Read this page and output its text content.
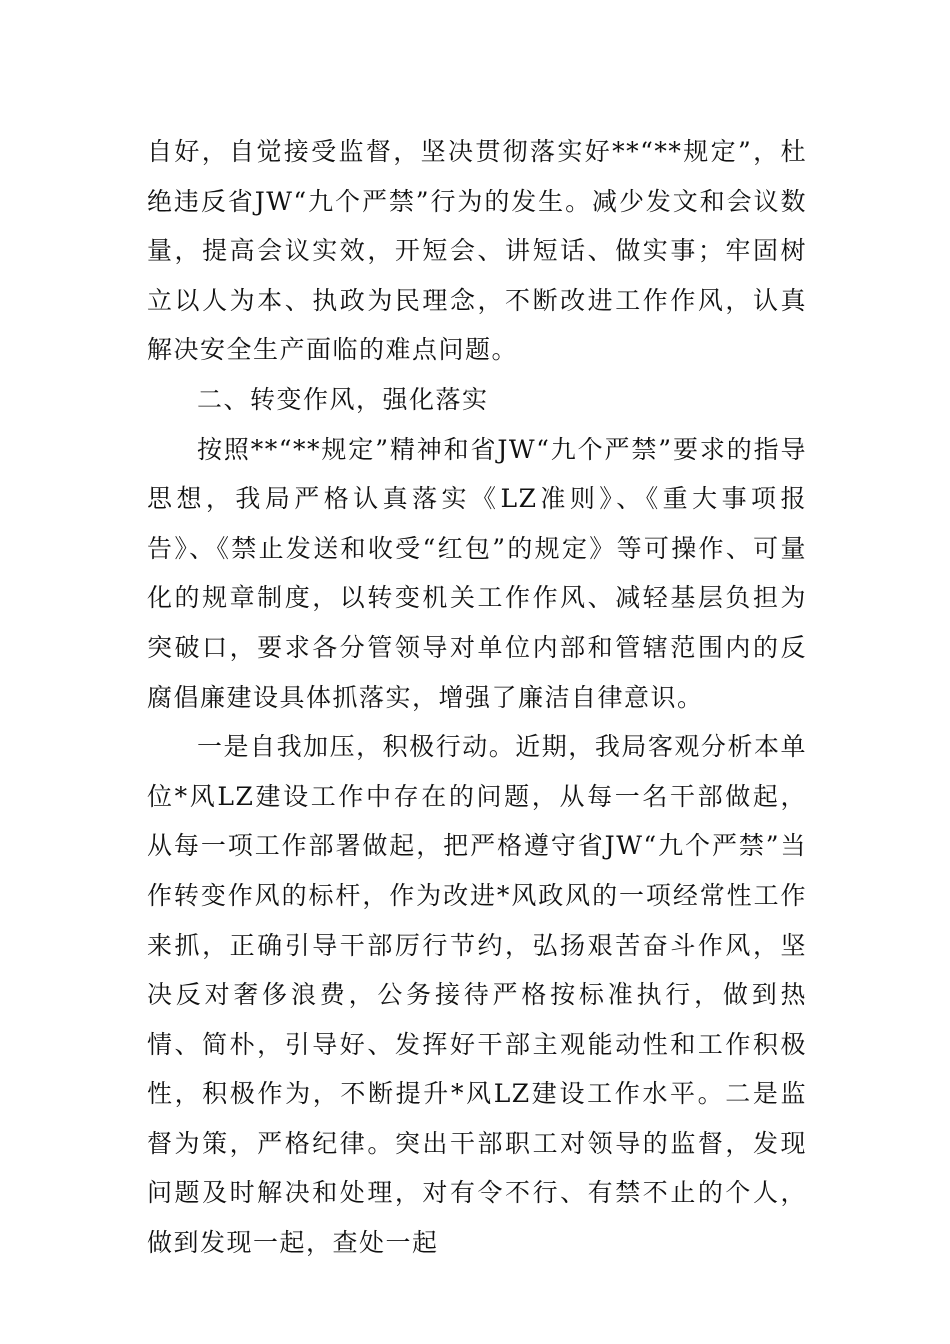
自好，自觉接受监督，坚决贯彻落实好**“**规定”，杜绝违反省JW“九个严禁”行为的发生。减少发文和会议数量，提高会议实效，开短会、讲短话、做实事；牢固树立以人为本、执政为民理念，不断改进工作作风，认真解决安全生产面临的难点问题。

二、转变作风，强化落实

按照**“**规定”精神和省JW“九个严禁”要求的指导思想，我局严格认真落实《LZ准则》、《重大事项报告》、《禁止发送和收受“红包”的规定》等可操作、可量化的规章制度，以转变机关工作作风、减轻基层负担为突破口，要求各分管领导对单位内部和管辖范围内的反腐倡廉建设具体抓落实，增强了廉洁自律意识。

一是自我加压，积极行动。近期，我局客观分析本单位*风LZ建设工作中存在的问题，从每一名干部做起，从每一项工作部署做起，把严格遵守省JW“九个严禁”当作转变作风的标杆，作为改进*风政风的一项经常性工作来抓，正确引导干部厉行节约，弘扬艰苦奋斗作风，坚决反对奢侈浪费，公务接待严格按标准执行，做到热情、简朴，引导好、发挥好干部主观能动性和工作积极性，积极作为，不断提升*风LZ建设工作水平。二是监督为策，严格纪律。突出干部职工对领导的监督，发现问题及时解决和处理，对有令不行、有禁不止的个人，做到发现一起，查处一起
